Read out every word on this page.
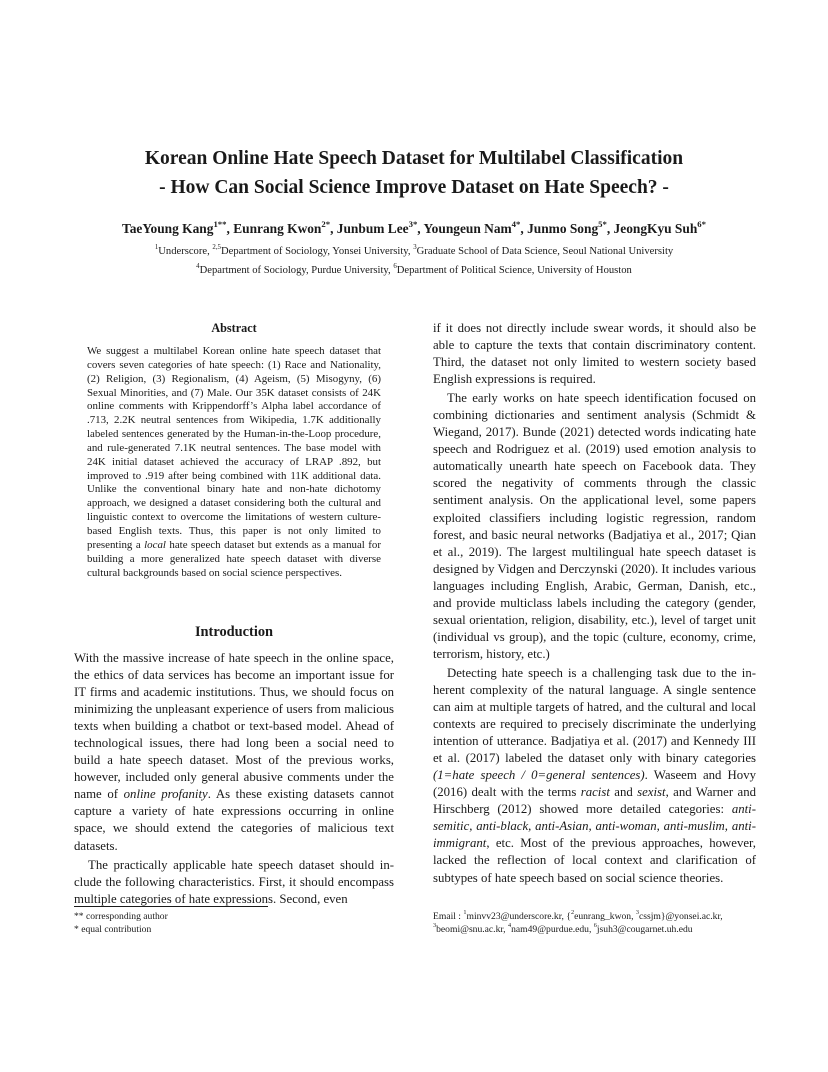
Korean Online Hate Speech Dataset for Multilabel Classification
- How Can Social Science Improve Dataset on Hate Speech? -
TaeYoung Kang$^{1**}$, Eunrang Kwon$^{2*}$, Junbum Lee$^{3*}$, Youngeun Nam$^{4*}$, Junmo Song$^{5*}$, JeongKyu Suh$^{6*}$
$^1$Underscore, $^{2,5}$Department of Sociology, Yonsei University, $^3$Graduate School of Data Science, Seoul National University
$^4$Department of Sociology, Purdue University, $^6$Department of Political Science, University of Houston
Abstract
We suggest a multilabel Korean online hate speech dataset that covers seven categories of hate speech: (1) Race and Nationality, (2) Religion, (3) Regionalism, (4) Ageism, (5) Misogyny, (6) Sexual Minorities, and (7) Male. Our 35K dataset consists of 24K online comments with Krippendorff’s Alpha label accordance of .713, 2.2K neutral sentences from Wikipedia, 1.7K additionally labeled sentences generated by the Human-in-the-Loop procedure, and rule-generated 7.1K neutral sentences. The base model with 24K initial dataset achieved the accuracy of LRAP .892, but improved to .919 after being combined with 11K additional data. Unlike the conventional binary hate and non-hate dichotomy approach, we designed a dataset considering both the cultural and linguistic context to overcome the limitations of western culture-based English texts. Thus, this paper is not only limited to presenting a local hate speech dataset but extends as a manual for building a more generalized hate speech dataset with diverse cultural backgrounds based on social science perspectives.
Introduction

With the massive increase of hate speech in the online space, the ethics of data services has become an important issue for IT firms and academic institutions. Thus, we should focus on minimizing the unpleasant experience of users from malicious texts when building a chatbot or text-based model. Ahead of technological issues, there had long been a social need to build a hate speech dataset. Most of the previous works, however, included only general abusive comments under the name of online profanity. As these existing datasets cannot capture a variety of hate expressions occurring in online space, we should extend the categories of malicious text datasets.

The practically applicable hate speech dataset should include the following characteristics. First, it should encompass multiple categories of hate expressions. Second, even

if it does not directly include swear words, it should also be able to capture the texts that contain discriminatory content. Third, the dataset not only limited to western society based English expressions is required.

The early works on hate speech identification focused on combining dictionaries and sentiment analysis (Schmidt & Wiegand, 2017). Bunde (2021) detected words indicating hate speech and Rodriguez et al. (2019) used emotion analysis to automatically unearth hate speech on Facebook data. They scored the negativity of comments through the classic sentiment analysis. On the applicational level, some papers exploited classifiers including logistic regression, random forest, and basic neural networks (Badjatiya et al., 2017; Qian et al., 2019). The largest multilingual hate speech dataset is designed by Vidgen and Derczynski (2020). It includes various languages including English, Arabic, German, Danish, etc., and provide multiclass labels including the category (gender, sexual orientation, religion, disability, etc.), level of target unit (individual vs group), and the topic (culture, economy, crime, terrorism, history, etc.)

Detecting hate speech is a challenging task due to the inherent complexity of the natural language. A single sentence can aim at multiple targets of hatred, and the cultural and local contexts are required to precisely discriminate the underlying intention of utterance. Badjatiya et al. (2017) and Kennedy III et al. (2017) labeled the dataset only with binary categories (1=hate speech / 0=general sentences). Waseem and Hovy (2016) dealt with the terms racist and sexist, and Warner and Hirschberg (2012) showed more detailed categories: anti-semitic, anti-black, anti-Asian, anti-woman, anti-muslim, anti-immigrant, etc. Most of the previous approaches, however, lacked the reflection of local context and clarification of subtypes of hate speech based on social science theories.

** corresponding author
* equal contribution
Email : $^1$minvv23@underscore.kr, {$^2$eunrang_kwon, $^3$cssjm}@yonsei.ac.kr,
$^3$beomi@snu.ac.kr, $^4$nam49@purdue.edu, $^6$jsuh3@cougarnet.uh.edu
